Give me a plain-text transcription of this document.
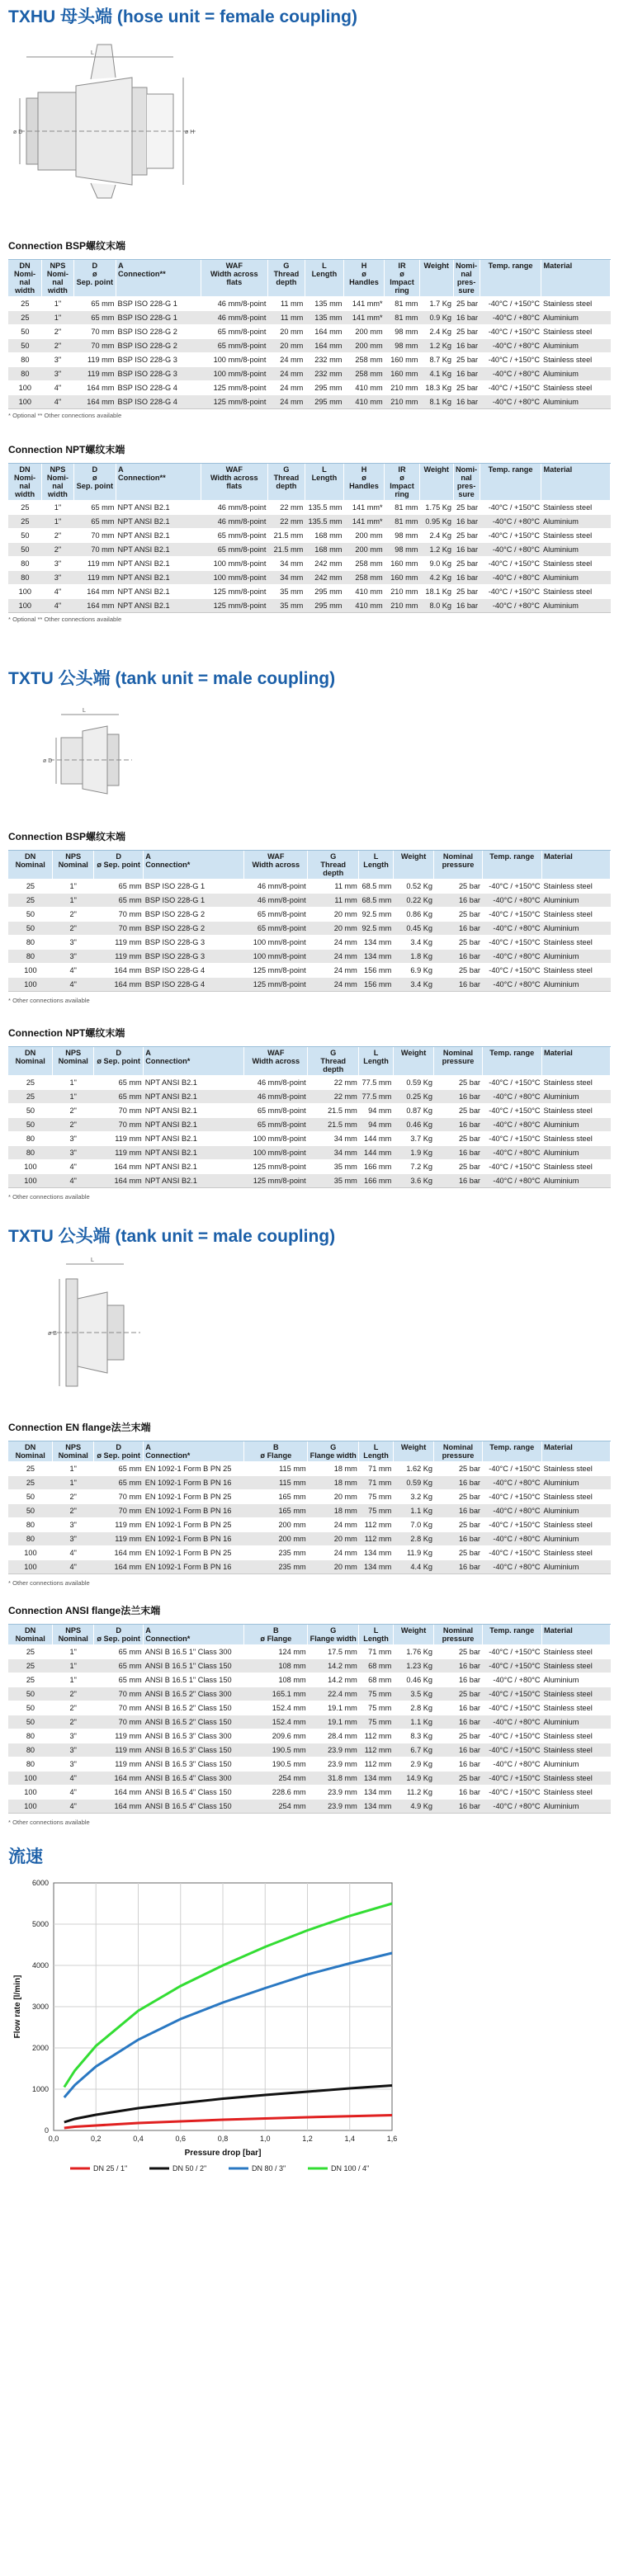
TXHU 母头端 (hose unit = female coupling)
ø D	ø H
L
Connection BSP螺纹末端
DN
Nomi-
nal
width	NPS
Nomi-
nal
width	D
ø
Sep. point	A
Connection**	WAF
Width across
flats	G
Thread
depth	L
Length	H
ø
Handles	IR
ø
Impact
ring	Weight	Nomi-
nal
pres-
sure	Temp. range	Material
25	1"	65 mm	BSP ISO 228-G 1	46 mm/8-point	11 mm	135 mm	141 mm*	81 mm	1.7 Kg	25 bar	-40°C / +150°C	Stainless steel
25	1"	65 mm	BSP ISO 228-G 1	46 mm/8-point	11 mm	135 mm	141 mm*	81 mm	0.9 Kg	16 bar	-40°C / +80°C	Aluminium
50	2"	70 mm	BSP ISO 228-G 2	65 mm/8-point	20 mm	164 mm	200 mm	98 mm	2.4 Kg	25 bar	-40°C / +150°C	Stainless steel
50	2"	70 mm	BSP ISO 228-G 2	65 mm/8-point	20 mm	164 mm	200 mm	98 mm	1.2 Kg	16 bar	-40°C / +80°C	Aluminium
80	3"	119 mm	BSP ISO 228-G 3	100 mm/8-point	24 mm	232 mm	258 mm	160 mm	8.7 Kg	25 bar	-40°C / +150°C	Stainless steel
80	3"	119 mm	BSP ISO 228-G 3	100 mm/8-point	24 mm	232 mm	258 mm	160 mm	4.1 Kg	16 bar	-40°C / +80°C	Aluminium
100	4"	164 mm	BSP ISO 228-G 4	125 mm/8-point	24 mm	295 mm	410 mm	210 mm	18.3 Kg	25 bar	-40°C / +150°C	Stainless steel
100	4"	164 mm	BSP ISO 228-G 4	125 mm/8-point	24 mm	295 mm	410 mm	210 mm	8.1 Kg	16 bar	-40°C / +80°C	Aluminium
* Optional ** Other connections available
Connection NPT螺纹末端
DN
Nomi-
nal
width	NPS
Nomi-
nal
width	D
ø
Sep. point	A
Connection**	WAF
Width across
flats	G
Thread
depth	L
Length	H
ø
Handles	IR
ø
Impact
ring	Weight	Nomi-
nal
pres-
sure	Temp. range	Material
25	1"	65 mm	NPT ANSI B2.1	46 mm/8-point	22 mm	135.5 mm	141 mm*	81 mm	1.75 Kg	25 bar	-40°C / +150°C	Stainless steel
25	1"	65 mm	NPT ANSI B2.1	46 mm/8-point	22 mm	135.5 mm	141 mm*	81 mm	0.95 Kg	16 bar	-40°C / +80°C	Aluminium
50	2"	70 mm	NPT ANSI B2.1	65 mm/8-point	21.5 mm	168 mm	200 mm	98 mm	2.4 Kg	25 bar	-40°C / +150°C	Stainless steel
50	2"	70 mm	NPT ANSI B2.1	65 mm/8-point	21.5 mm	168 mm	200 mm	98 mm	1.2 Kg	16 bar	-40°C / +80°C	Aluminium
80	3"	119 mm	NPT ANSI B2.1	100 mm/8-point	34 mm	242 mm	258 mm	160 mm	9.0 Kg	25 bar	-40°C / +150°C	Stainless steel
80	3"	119 mm	NPT ANSI B2.1	100 mm/8-point	34 mm	242 mm	258 mm	160 mm	4.2 Kg	16 bar	-40°C / +80°C	Aluminium
100	4"	164 mm	NPT ANSI B2.1	125 mm/8-point	35 mm	295 mm	410 mm	210 mm	18.1 Kg	25 bar	-40°C / +150°C	Stainless steel
100	4"	164 mm	NPT ANSI B2.1	125 mm/8-point	35 mm	295 mm	410 mm	210 mm	8.0 Kg	16 bar	-40°C / +80°C	Aluminium
* Optional ** Other connections available
TXTU 公头端 (tank unit = male coupling)
ø D
L
Connection BSP螺纹末端
DN
Nominal	NPS
Nominal	D
ø Sep. point	A
Connection*	WAF
Width across	G
Thread depth	L
Length	Weight	Nominal
pressure	Temp. range	Material
25	1"	65 mm	BSP ISO 228-G 1	46 mm/8-point	11 mm	68.5 mm	0.52 Kg	25 bar	-40°C / +150°C	Stainless steel
25	1"	65 mm	BSP ISO 228-G 1	46 mm/8-point	11 mm	68.5 mm	0.22 Kg	16 bar	-40°C / +80°C	Aluminium
50	2"	70 mm	BSP ISO 228-G 2	65 mm/8-point	20 mm	92.5 mm	0.86 Kg	25 bar	-40°C / +150°C	Stainless steel
50	2"	70 mm	BSP ISO 228-G 2	65 mm/8-point	20 mm	92.5 mm	0.45 Kg	16 bar	-40°C / +80°C	Aluminium
80	3"	119 mm	BSP ISO 228-G 3	100 mm/8-point	24 mm	134 mm	3.4 Kg	25 bar	-40°C / +150°C	Stainless steel
80	3"	119 mm	BSP ISO 228-G 3	100 mm/8-point	24 mm	134 mm	1.8 Kg	16 bar	-40°C / +80°C	Aluminium
100	4"	164 mm	BSP ISO 228-G 4	125 mm/8-point	24 mm	156 mm	6.9 Kg	25 bar	-40°C / +150°C	Stainless steel
100	4"	164 mm	BSP ISO 228-G 4	125 mm/8-point	24 mm	156 mm	3.4 Kg	16 bar	-40°C / +80°C	Aluminium
* Other connections available
Connection NPT螺纹末端
DN
Nominal	NPS
Nominal	D
ø Sep. point	A
Connection*	WAF
Width across	G
Thread depth	L
Length	Weight	Nominal
pressure	Temp. range	Material
25	1"	65 mm	NPT ANSI B2.1	46 mm/8-point	22 mm	77.5 mm	0.59 Kg	25 bar	-40°C / +150°C	Stainless steel
25	1"	65 mm	NPT ANSI B2.1	46 mm/8-point	22 mm	77.5 mm	0.25 Kg	16 bar	-40°C / +80°C	Aluminium
50	2"	70 mm	NPT ANSI B2.1	65 mm/8-point	21.5 mm	94 mm	0.87 Kg	25 bar	-40°C / +150°C	Stainless steel
50	2"	70 mm	NPT ANSI B2.1	65 mm/8-point	21.5 mm	94 mm	0.46 Kg	16 bar	-40°C / +80°C	Aluminium
80	3"	119 mm	NPT ANSI B2.1	100 mm/8-point	34 mm	144 mm	3.7 Kg	25 bar	-40°C / +150°C	Stainless steel
80	3"	119 mm	NPT ANSI B2.1	100 mm/8-point	34 mm	144 mm	1.9 Kg	16 bar	-40°C / +80°C	Aluminium
100	4"	164 mm	NPT ANSI B2.1	125 mm/8-point	35 mm	166 mm	7.2 Kg	25 bar	-40°C / +150°C	Stainless steel
100	4"	164 mm	NPT ANSI B2.1	125 mm/8-point	35 mm	166 mm	3.6 Kg	16 bar	-40°C / +80°C	Aluminium
* Other connections available
TXTU 公头端 (tank unit = male coupling)
ø B
L
Connection EN flange法兰末端
DN
Nominal	NPS
Nominal	D
ø Sep. point	A
Connection*	B
ø Flange	G
Flange width	L
Length	Weight	Nominal
pressure	Temp. range	Material
25	1"	65 mm	EN 1092-1 Form B PN 25	115 mm	18 mm	71 mm	1.62 Kg	25 bar	-40°C / +150°C	Stainless steel
25	1"	65 mm	EN 1092-1 Form B PN 16	115 mm	18 mm	71 mm	0.59 Kg	16 bar	-40°C / +80°C	Aluminium
50	2"	70 mm	EN 1092-1 Form B PN 25	165 mm	20 mm	75 mm	3.2 Kg	25 bar	-40°C / +150°C	Stainless steel
50	2"	70 mm	EN 1092-1 Form B PN 16	165 mm	18 mm	75 mm	1.1 Kg	16 bar	-40°C / +80°C	Aluminium
80	3"	119 mm	EN 1092-1 Form B PN 25	200 mm	24 mm	112 mm	7.0 Kg	25 bar	-40°C / +150°C	Stainless steel
80	3"	119 mm	EN 1092-1 Form B PN 16	200 mm	20 mm	112 mm	2.8 Kg	16 bar	-40°C / +80°C	Aluminium
100	4"	164 mm	EN 1092-1 Form B PN 25	235 mm	24 mm	134 mm	11.9 Kg	25 bar	-40°C / +150°C	Stainless steel
100	4"	164 mm	EN 1092-1 Form B PN 16	235 mm	20 mm	134 mm	4.4 Kg	16 bar	-40°C / +80°C	Aluminium
* Other connections available
Connection ANSI flange法兰末端
DN
Nominal	NPS
Nominal	D
ø Sep. point	A
Connection*	B
ø Flange	G
Flange width	L
Length	Weight	Nominal
pressure	Temp. range	Material
25	1"	65 mm	ANSI B 16.5 1" Class 300	124 mm	17.5 mm	71 mm	1.76 Kg	25 bar	-40°C / +150°C	Stainless steel
25	1"	65 mm	ANSI B 16.5 1" Class 150	108 mm	14.2 mm	68 mm	1.23 Kg	16 bar	-40°C / +150°C	Stainless steel
25	1"	65 mm	ANSI B 16.5 1" Class 150	108 mm	14.2 mm	68 mm	0.46 Kg	16 bar	-40°C / +80°C	Aluminium
50	2"	70 mm	ANSI B 16.5 2" Class 300	165.1 mm	22.4 mm	75 mm	3.5 Kg	25 bar	-40°C / +150°C	Stainless steel
50	2"	70 mm	ANSI B 16.5 2" Class 150	152.4 mm	19.1 mm	75 mm	2.8 Kg	16 bar	-40°C / +150°C	Stainless steel
50	2"	70 mm	ANSI B 16.5 2" Class 150	152.4 mm	19.1 mm	75 mm	1.1 Kg	16 bar	-40°C / +80°C	Aluminium
80	3"	119 mm	ANSI B 16.5 3" Class 300	209.6 mm	28.4 mm	112 mm	8.3 Kg	25 bar	-40°C / +150°C	Stainless steel
80	3"	119 mm	ANSI B 16.5 3" Class 150	190.5 mm	23.9 mm	112 mm	6.7 Kg	16 bar	-40°C / +150°C	Stainless steel
80	3"	119 mm	ANSI B 16.5 3" Class 150	190.5 mm	23.9 mm	112 mm	2.9 Kg	16 bar	-40°C / +80°C	Aluminium
100	4"	164 mm	ANSI B 16.5 4" Class 300	254 mm	31.8 mm	134 mm	14.9 Kg	25 bar	-40°C / +150°C	Stainless steel
100	4"	164 mm	ANSI B 16.5 4" Class 150	228.6 mm	23.9 mm	134 mm	11.2 Kg	16 bar	-40°C / +150°C	Stainless steel
100	4"	164 mm	ANSI B 16.5 4" Class 150	254 mm	23.9 mm	134 mm	4.9 Kg	16 bar	-40°C / +80°C	Aluminium
* Other connections available
流速
0
1000
2000
3000
4000
5000
6000
0,0	0,2	0,4	0,6	0,8	1,0	1,2	1,4	1,6
Pressure drop [bar]
Flow rate [l/min]
DN 25 / 1"	DN 50 / 2"	DN 80 / 3"	DN 100 / 4"
